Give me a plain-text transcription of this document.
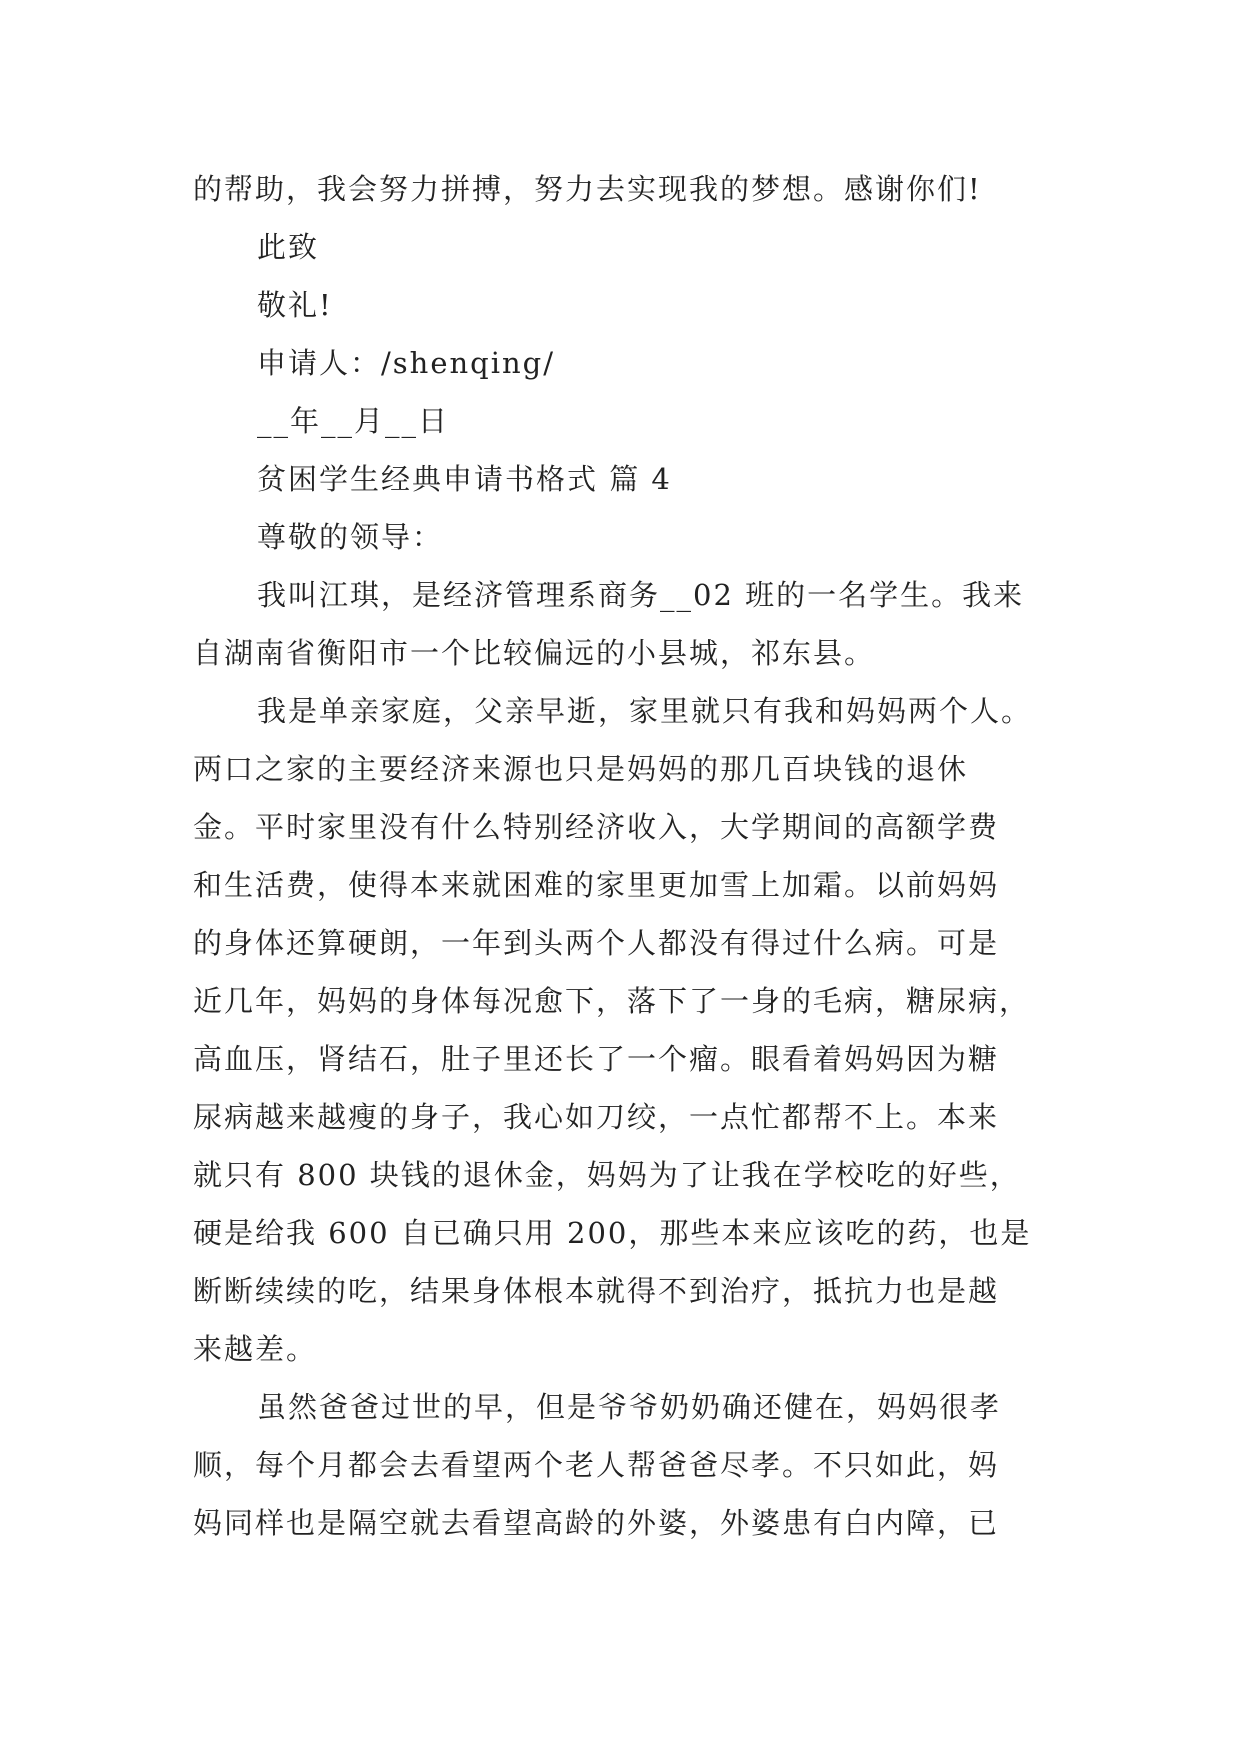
的帮助，我会努力拼搏，努力去实现我的梦想。感谢你们!
此致
敬礼!
申请人：/shenqing/
__年__月__日
贫困学生经典申请书格式 篇 4
尊敬的领导：
我叫江琪，是经济管理系商务__02 班的一名学生。我来
自湖南省衡阳市一个比较偏远的小县城，祁东县。
我是单亲家庭，父亲早逝，家里就只有我和妈妈两个人。
两口之家的主要经济来源也只是妈妈的那几百块钱的退休
金。平时家里没有什么特别经济收入，大学期间的高额学费
和生活费，使得本来就困难的家里更加雪上加霜。以前妈妈
的身体还算硬朗，一年到头两个人都没有得过什么病。可是
近几年，妈妈的身体每况愈下，落下了一身的毛病，糖尿病，
高血压，肾结石，肚子里还长了一个瘤。眼看着妈妈因为糖
尿病越来越瘦的身子，我心如刀绞，一点忙都帮不上。本来
就只有 800 块钱的退休金，妈妈为了让我在学校吃的好些，
硬是给我 600 自已确只用 200，那些本来应该吃的药，也是
断断续续的吃，结果身体根本就得不到治疗，抵抗力也是越
来越差。
虽然爸爸过世的早，但是爷爷奶奶确还健在，妈妈很孝
顺，每个月都会去看望两个老人帮爸爸尽孝。不只如此，妈
妈同样也是隔空就去看望高龄的外婆，外婆患有白内障，已
